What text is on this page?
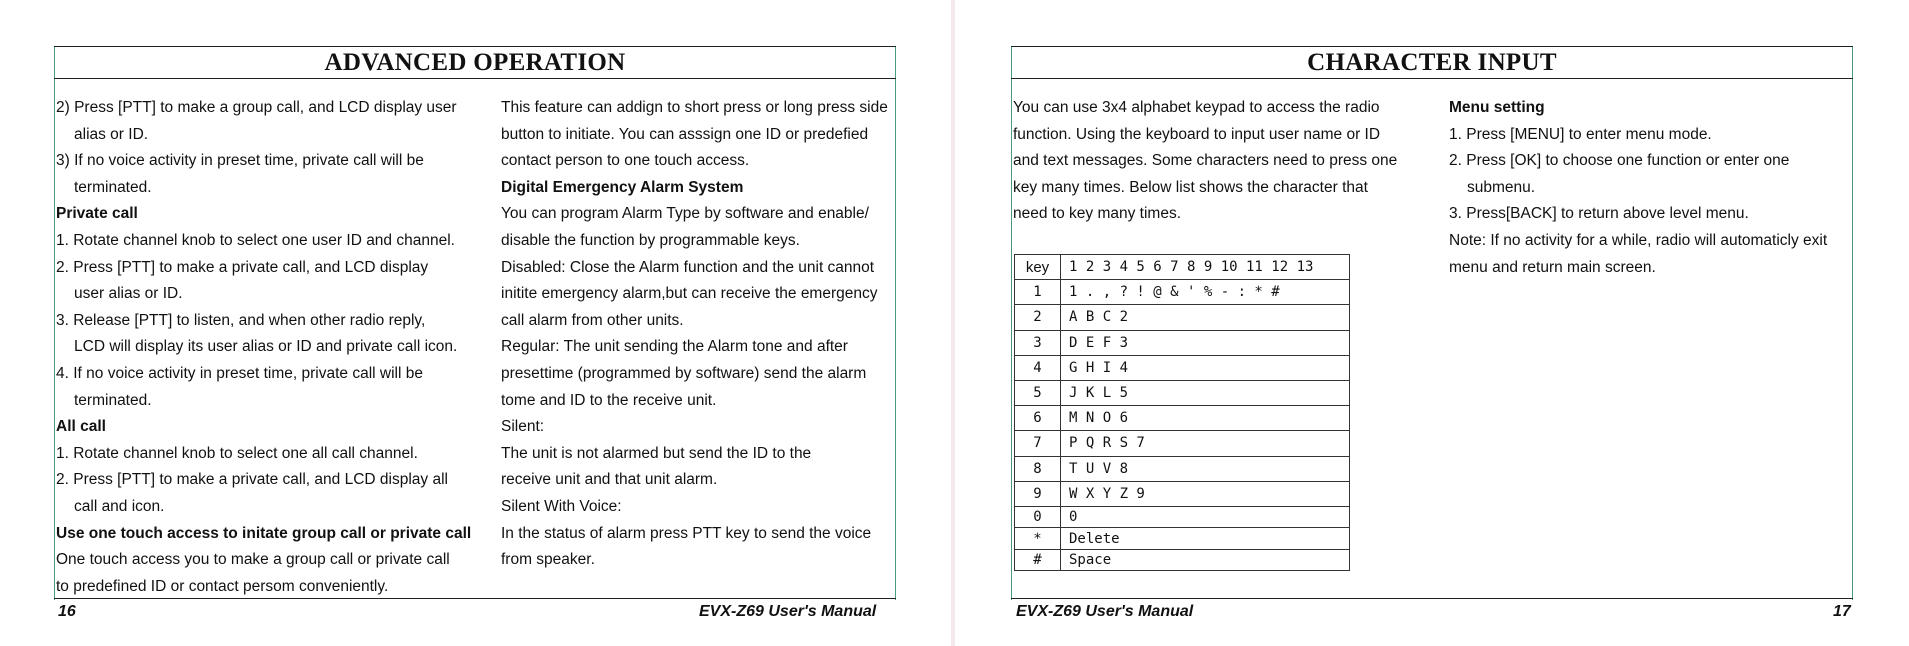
ADVANCED OPERATION

2) Press [PTT] to make a group call, and LCD display user

alias or ID.

3) If no voice activity in preset time, private call will be

terminated.

Private call

1. Rotate channel knob to select one user ID and channel.

2. Press [PTT] to make a private call, and LCD display

user alias or ID.

3. Release [PTT] to listen, and when other radio reply,

LCD will display its user alias or ID and private call icon.

4. If no voice activity in preset time, private call will be

terminated.

All call

1. Rotate channel knob to select one all call channel.

2. Press [PTT] to make a private call, and LCD display all

call and icon.

Use one touch access to initate group call or private call

One touch access you to make a group call or private call

to predefined ID or contact persom conveniently.

This feature can addign to short press or long press side

button to initiate. You can asssign one ID or predefied

contact person to one touch access.

Digital Emergency Alarm System

You can program Alarm Type by software and enable/

disable the function by programmable keys.

Disabled: Close the Alarm function and the unit cannot

initite emergency alarm,but can receive the emergency

call alarm from other units.

Regular: The unit sending the Alarm tone and after

presettime (programmed by software) send the alarm

tome and ID to the receive unit.

Silent:

The unit is not alarmed but send the ID to the

receive unit and that unit alarm.

Silent With Voice:

In the status of alarm press PTT key to send the voice

from speaker.

16	EVX-Z69 User's Manual
CHARACTER INPUT

You can use 3x4 alphabet keypad to access the radio

function. Using the keyboard to input user name or ID

and text messages. Some characters need to press one

key many times. Below list shows the character that

need to key many times.

Menu setting

1. Press [MENU] to enter menu mode.

2. Press [OK] to choose one function or enter one

submenu.

3. Press[BACK] to return above level menu.

Note: If no activity for a while, radio will automaticly exit

menu and return main screen.

key	1 2 3 4 5 6 7 8 9 10 11 12 13
1	1 . , ? ! @ & ' % - : * #
2	A B C 2
3	D E F 3
4	G H I 4
5	J K L 5
6	M N O 6
7	P Q R S 7
8	T U V 8
9	W X Y Z 9
0	0
*	Delete
#	Space
EVX-Z69 User's Manual	17
